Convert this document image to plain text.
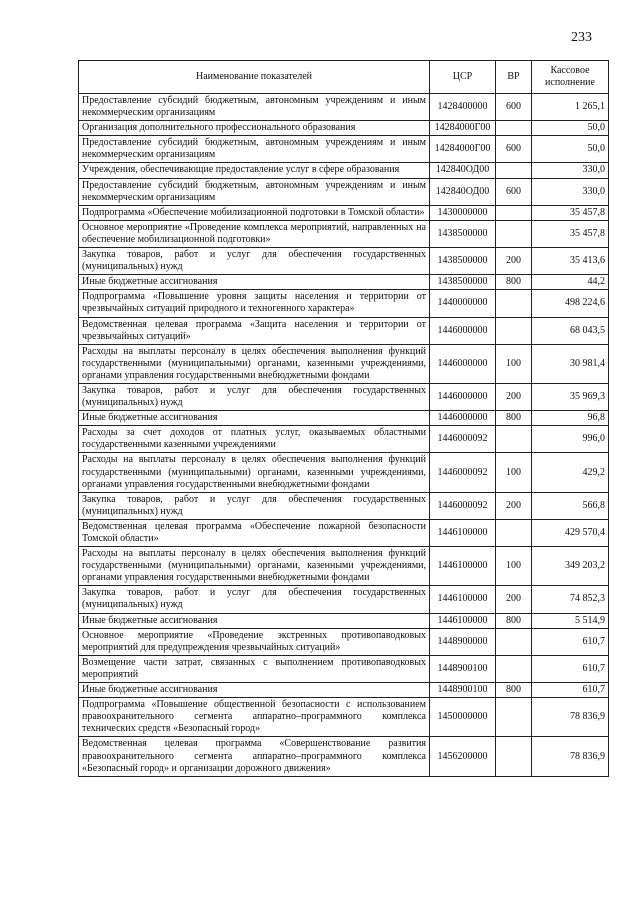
233
Наименование показателей	ЦСР	ВР	Кассовое исполнение
Предоставление субсидий бюджетным, автономным учреждениям и иным некоммерческим организациям	1428400000	600	1 265,1
Организация дополнительного профессионального образования	14284000Г00		50,0
Предоставление субсидий бюджетным, автономным учреждениям и иным некоммерческим организациям	14284000Г00	600	50,0
Учреждения, обеспечивающие предоставление услуг в сфере образования	142840ОД00		330,0
Предоставление субсидий бюджетным, автономным учреждениям и иным некоммерческим организациям	142840ОД00	600	330,0
Подпрограмма «Обеспечение мобилизационной подготовки в Томской области»	1430000000		35 457,8
Основное мероприятие «Проведение комплекса мероприятий, направленных на обеспечение мобилизационной подготовки»	1438500000		35 457,8
Закупка товаров, работ и услуг для обеспечения государственных (муниципальных) нужд	1438500000	200	35 413,6
Иные бюджетные ассигнования	1438500000	800	44,2
Подпрограмма «Повышение уровня защиты населения и территории от чрезвычайных ситуаций природного и техногенного характера»	1440000000		498 224,6
Ведомственная целевая программа «Защита населения и территории от чрезвычайных ситуаций»	1446000000		68 043,5
Расходы на выплаты персоналу в целях обеспечения выполнения функций государственными (муниципальными) органами, казенными учреждениями, органами управления государственными внебюджетными фондами	1446000000	100	30 981,4
Закупка товаров, работ и услуг для обеспечения государственных (муниципальных) нужд	1446000000	200	35 969,3
Иные бюджетные ассигнования	1446000000	800	96,8
Расходы за счет доходов от платных услуг, оказываемых областными государственными казенными учреждениями	1446000092		996,0
Расходы на выплаты персоналу в целях обеспечения выполнения функций государственными (муниципальными) органами, казенными учреждениями, органами управления государственными внебюджетными фондами	1446000092	100	429,2
Закупка товаров, работ и услуг для обеспечения государственных (муниципальных) нужд	1446000092	200	566,8
Ведомственная целевая программа «Обеспечение пожарной безопасности Томской области»	1446100000		429 570,4
Расходы на выплаты персоналу в целях обеспечения выполнения функций государственными (муниципальными) органами, казенными учреждениями, органами управления государственными внебюджетными фондами	1446100000	100	349 203,2
Закупка товаров, работ и услуг для обеспечения государственных (муниципальных) нужд	1446100000	200	74 852,3
Иные бюджетные ассигнования	1446100000	800	5 514,9
Основное мероприятие «Проведение экстренных противопаводковых мероприятий для предупреждения чрезвычайных ситуаций»	1448900000		610,7
Возмещение части затрат, связанных с выполнением противопаводковых мероприятий	1448900100		610,7
Иные бюджетные ассигнования	1448900100	800	610,7
Подпрограмма «Повышение общественной безопасности с использованием правоохранительного сегмента аппаратно–программного комплекса технических средств «Безопасный город»	1450000000		78 836,9
Ведомственная целевая программа «Совершенствование развития правоохранительного сегмента аппаратно–программного комплекса «Безопасный город» и организации дорожного движения»	1456200000		78 836,9
